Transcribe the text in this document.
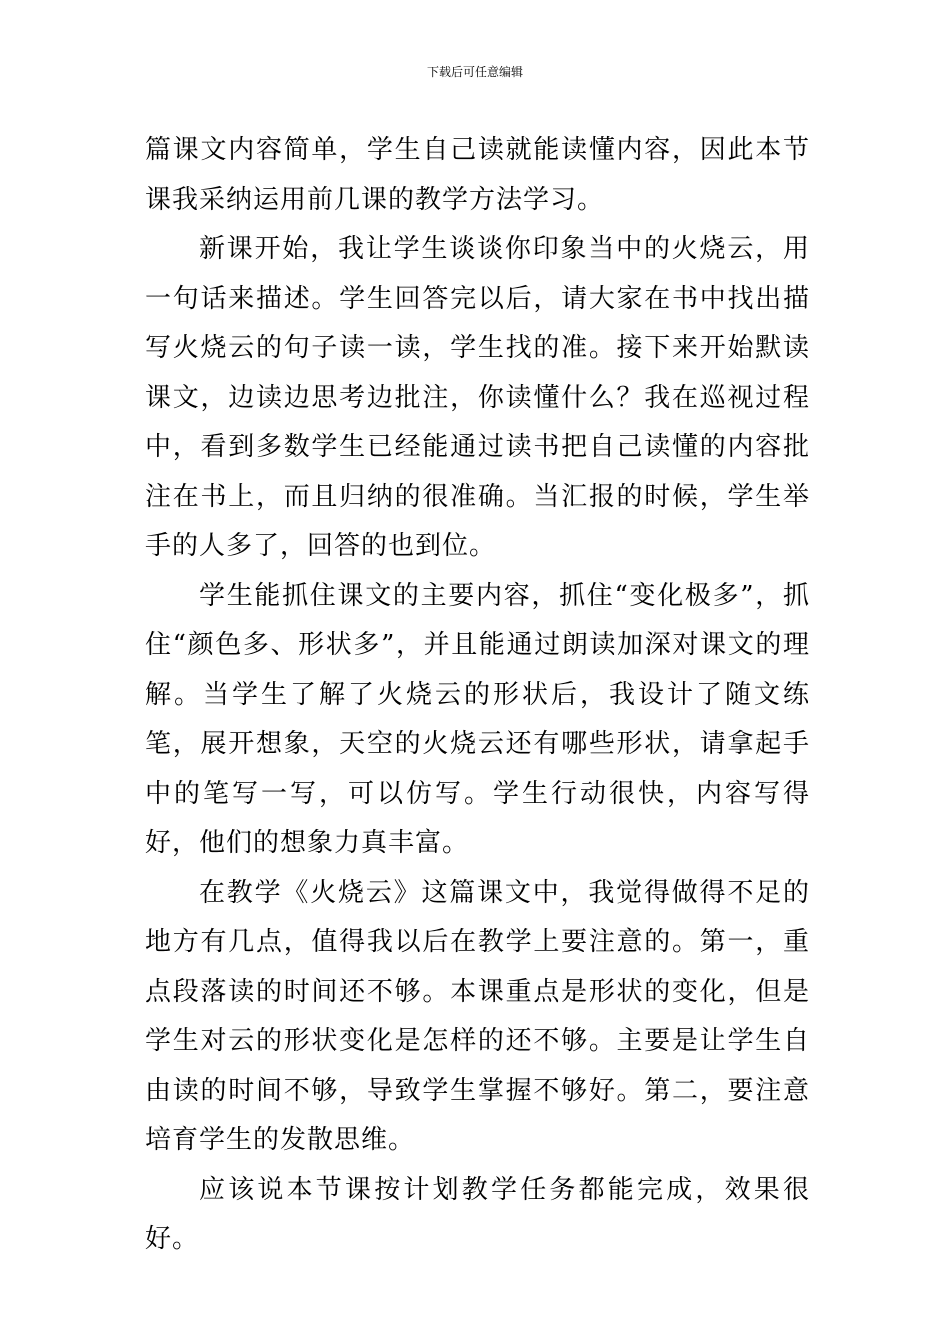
下载后可任意编辑

篇课文内容简单，学生自己读就能读懂内容，因此本节课我采纳运用前几课的教学方法学习。

新课开始，我让学生谈谈你印象当中的火烧云，用一句话来描述。学生回答完以后，请大家在书中找出描写火烧云的句子读一读，学生找的准。接下来开始默读课文，边读边思考边批注，你读懂什么？我在巡视过程中，看到多数学生已经能通过读书把自己读懂的内容批注在书上，而且归纳的很准确。当汇报的时候，学生举手的人多了，回答的也到位。

学生能抓住课文的主要内容，抓住“变化极多”，抓住“颜色多、形状多”，并且能通过朗读加深对课文的理解。当学生了解了火烧云的形状后，我设计了随文练笔，展开想象，天空的火烧云还有哪些形状，请拿起手中的笔写一写，可以仿写。学生行动很快，内容写得好，他们的想象力真丰富。

在教学《火烧云》这篇课文中，我觉得做得不足的地方有几点，值得我以后在教学上要注意的。第一，重点段落读的时间还不够。本课重点是形状的变化，但是学生对云的形状变化是怎样的还不够。主要是让学生自由读的时间不够，导致学生掌握不够好。第二，要注意培育学生的发散思维。

应该说本节课按计划教学任务都能完成，效果很好。
